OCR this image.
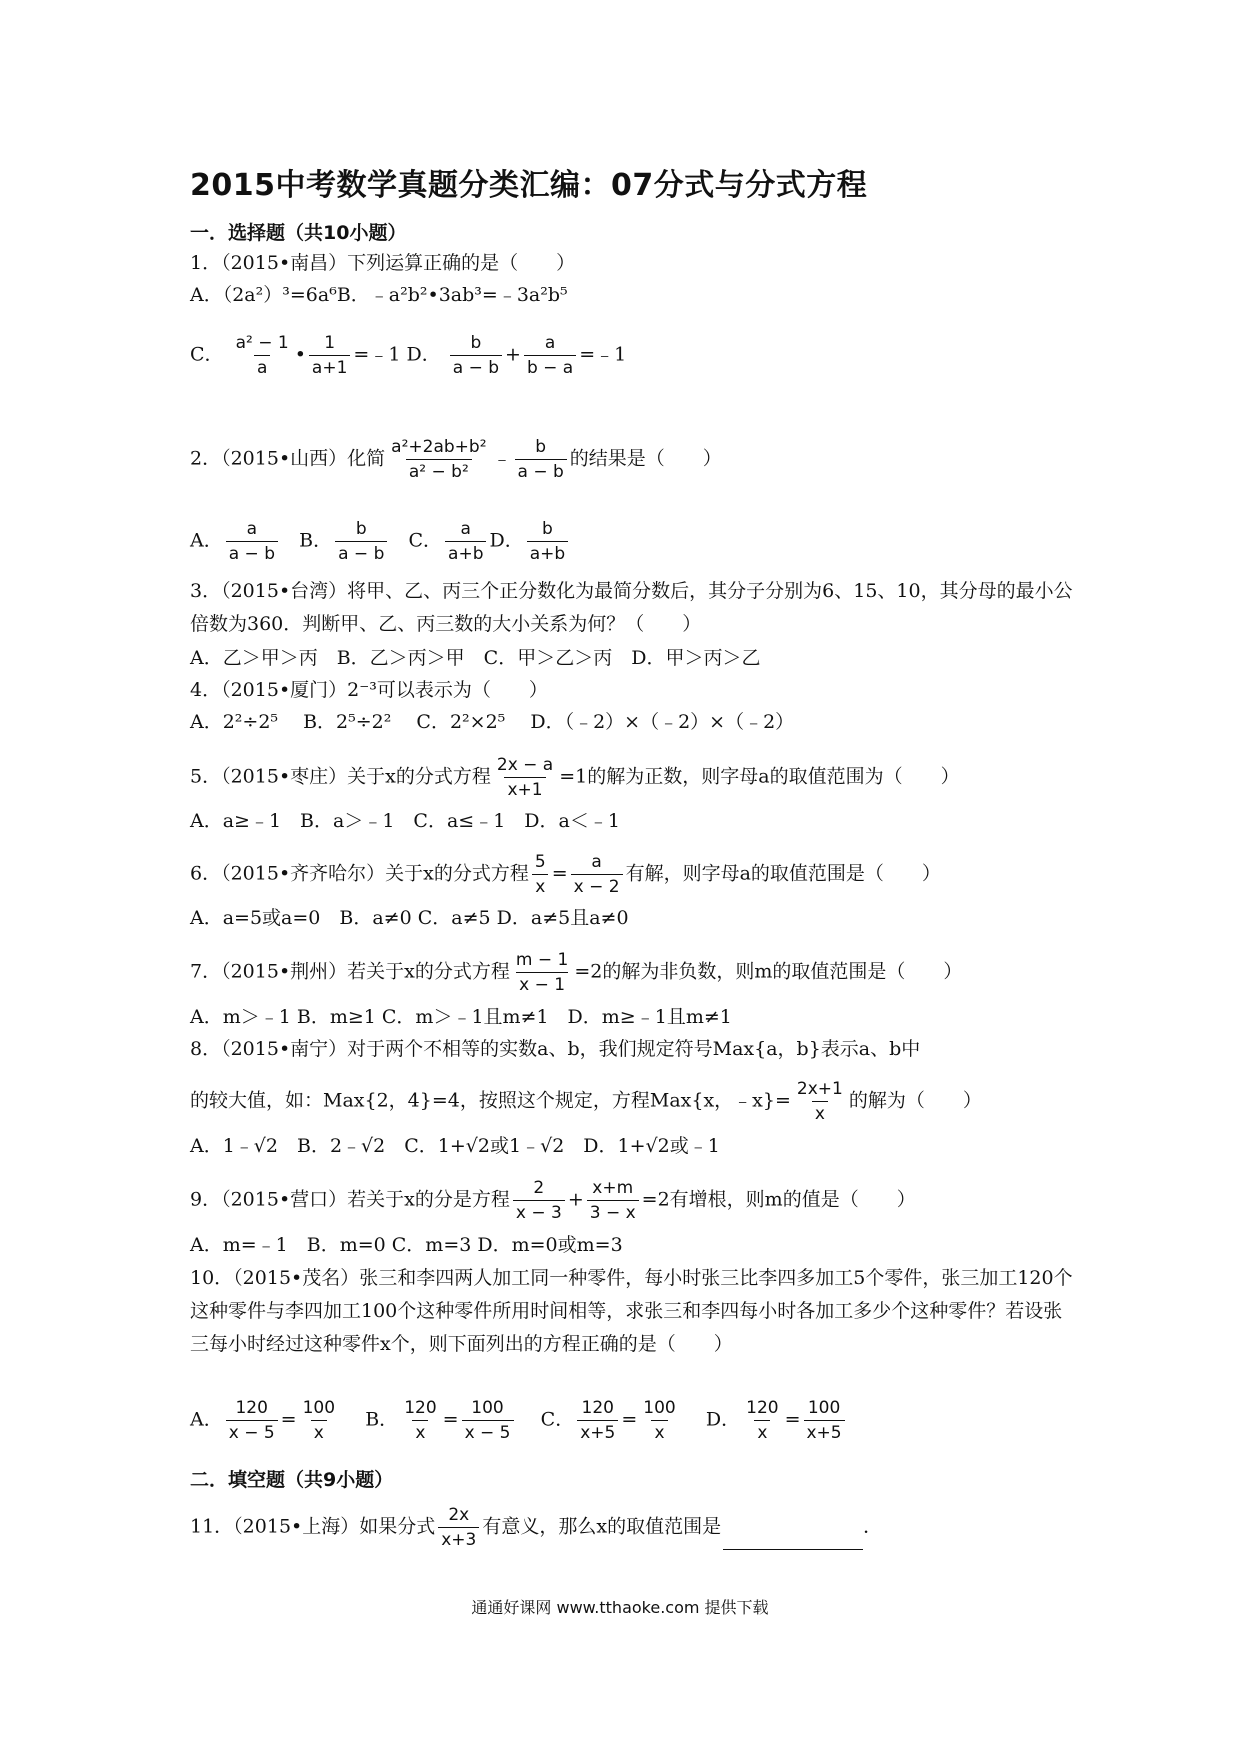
2015中考数学真题分类汇编：07分式与分式方程
一．选择题（共10小题）
1．（2015•南昌）下列运算正确的是（　　）
A．（2a²）³=6a⁶B．﹣a²b²•3ab³=﹣3a²b⁵
C． $\frac{\text{a² − 1}}{a}$ • $\frac{1}{a+1}$ =﹣1 D． $\frac{b}{a - b} + \frac{a}{b - a}$ =﹣1
2．（2015•山西）化简 $\frac{\text{a²+2ab+b²}}{\text{a² − b²}}$ ﹣ $\frac{b}{a - b}$ 的结果是（　　）
A． $\frac{a}{a - b}$ B． $\frac{b}{a - b}$ C． $\frac{a}{a+b}$ D． $\frac{b}{a+b}$
3．（2015•台湾）将甲、乙、丙三个正分数化为最简分数后，其分子分别为6、15、10，其分母的最小公倍数为360．判断甲、乙、丙三数的大小关系为何？（　　）
A．乙＞甲＞丙　B．乙＞丙＞甲　C．甲＞乙＞丙　D．甲＞丙＞乙
4．（2015•厦门）2⁻³可以表示为（　　）
A．2²÷2⁵　 B．2⁵÷2²　 C．2²×2⁵　 D．（﹣2）×（﹣2）×（﹣2）
5．（2015•枣庄）关于x的分式方程 $\frac{2x - a}{x+1} =1$的解为正数，则字母a的取值范围为（　　）
A．a≥﹣1　B．a＞﹣1　C．a≤﹣1　D．a＜﹣1
6．（2015•齐齐哈尔）关于x的分式方程 $\frac{5}{x} = \frac{a}{x - 2}$ 有解，则字母a的取值范围是（　　）
A．a=5或a=0　B．a≠0 C．a≠5 D．a≠5且a≠0
7．（2015•荆州）若关于x的分式方程 $\frac{m - 1}{x - 1} =2$的解为非负数，则m的取值范围是（　　）
A．m＞﹣1 B．m≥1 C．m＞﹣1且m≠1　D．m≥﹣1且m≠1
8．（2015•南宁）对于两个不相等的实数a、b，我们规定符号Max{a，b}表示a、b中
的较大值，如：Max{2，4}=4，按照这个规定，方程Max{x，﹣x}= $\frac{2x+1}{x}$ 的解为（　　）
A．1﹣√2　B．2﹣√2　C．1+√2或1﹣√2　D．1+√2或﹣1
9．（2015•营口）若关于x的分是方程 $\frac{2}{x - 3} + \frac{x+m}{3 - x} =2$有增根，则m的值是（　　）
A．m=﹣1　B．m=0 C．m=3 D．m=0或m=3
10．（2015•茂名）张三和李四两人加工同一种零件，每小时张三比李四多加工5个零件，张三加工120个这种零件与李四加工100个这种零件所用时间相等，求张三和李四每小时各加工多少个这种零件？若设张三每小时经过这种零件x个，则下面列出的方程正确的是（　　）
A． $\frac{120}{x - 5} = \frac{100}{x}$ B． $\frac{120}{x} = \frac{100}{x - 5}$ C． $\frac{120}{x+5} = \frac{100}{x}$ D． $\frac{120}{x} = \frac{100}{x+5}$
二．填空题（共9小题）
11．（2015•上海）如果分式 $\frac{2x}{x+3}$ 有意义，那么x的取值范围是	．
通通好课网 www.tthaoke.com 提供下载
